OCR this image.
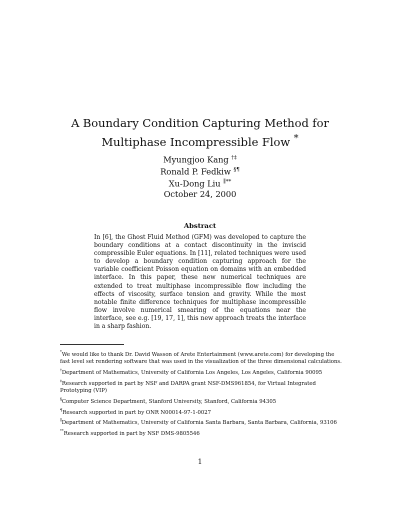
A Boundary Condition Capturing Method for Multiphase Incompressible Flow *
Myungjoo Kang †‡
Ronald P. Fedkiw §¶
Xu-Dong Liu ∥**
October 24, 2000
Abstract
In [6], the Ghost Fluid Method (GFM) was developed to capture the boundary conditions at a contact discontinuity in the inviscid compressible Euler equations. In [11], related techniques were used to develop a boundary condition capturing approach for the variable coefficient Poisson equation on domains with an embedded interface. In this paper, these new numerical techniques are extended to treat multiphase incompressible flow including the effects of viscosity, surface tension and gravity. While the most notable finite difference techniques for multiphase incompressible flow involve numerical smearing of the equations near the interface, see e.g. [19, 17, 1], this new approach treats the interface in a sharp fashion.

*We would like to thank Dr. David Wasson of Arete Entertainment (www.arete.com) for developing the fast level set rendering software that was used in the visualization of the three dimensional calculations.

†Department of Mathematics, University of California Los Angeles, Los Angeles, California 90095

‡Research supported in part by NSF and DARPA grant NSF-DMS961854, for Virtual Integrated Prototyping (VIP)

§Computer Science Department, Stanford University, Stanford, California 94305

¶Research supported in part by ONR N00014-97-1-0027

∥Department of Mathematics, University of California Santa Barbara, Santa Barbara, California, 93106

**Research supported in part by NSF DMS-9805546

1
